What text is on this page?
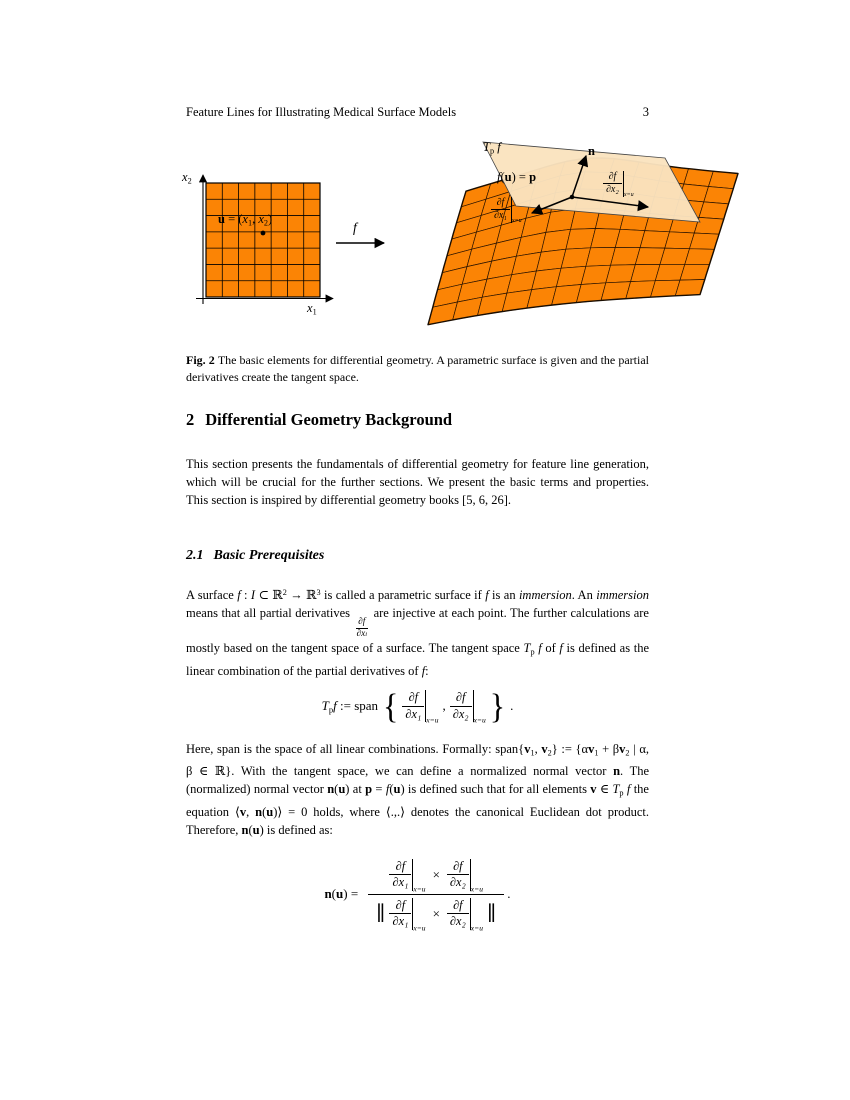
Feature Lines for Illustrating Medical Surface Models	3
x2
x1
u = (x1, x2)
f
Tp f	n
f(u) = p
$\frac{\partial f}{\text{∂x₁}} x=u$
$\frac{\partial f}{\text{∂x₂}} x=u$
Fig. 2 The basic elements for differential geometry. A parametric surface is given and the partial derivatives create the tangent space.
2 Differential Geometry Background
This section presents the fundamentals of differential geometry for feature line generation, which will be crucial for the further sections. We present the basic terms and properties. This section is inspired by differential geometry books [5, 6, 26].
2.1 Basic Prerequisites
A surface f : I ⊂ ℝ$^2$ → ℝ$^3$ is called a parametric surface if f is an immersion. An immersion means that all partial derivatives
$\frac{\partial f}{\partial xi}$
are injective at each point. The further calculations are mostly based on the tangent space of a surface. The tangent space Tp f of f is defined as the linear combination of the partial derivatives of f:
Tpf := span { $\frac{\partial f}{\text{∂x₁}} x=u$
, $\frac{\partial f}{\text{∂x₂}} x=u$ } .
Here, span is the space of all linear combinations. Formally: span{v1, v2} := {αv1 + βv2 | α, β ∈ ℝ}. With the tangent space, we can define a normalized normal vector n. The (normalized) normal vector n(u) at p = f(u) is defined such that for all elements v ∈ Tp f the equation ⟨v, n(u)⟩ = 0 holds, where ⟨.,.⟩ denotes the canonical Euclidean dot product. Therefore, n(u) is defined as:
n(u) =
$\frac{\partial f}{\text{∂x₁}} x=u$
× $\frac{\partial f}{\text{∂x₂}} x=u$
∥ $\frac{\partial f}{\text{∂x₁}} x=u$
× $\frac{\partial f}{\text{∂x₂}} x=u$
∥
.
